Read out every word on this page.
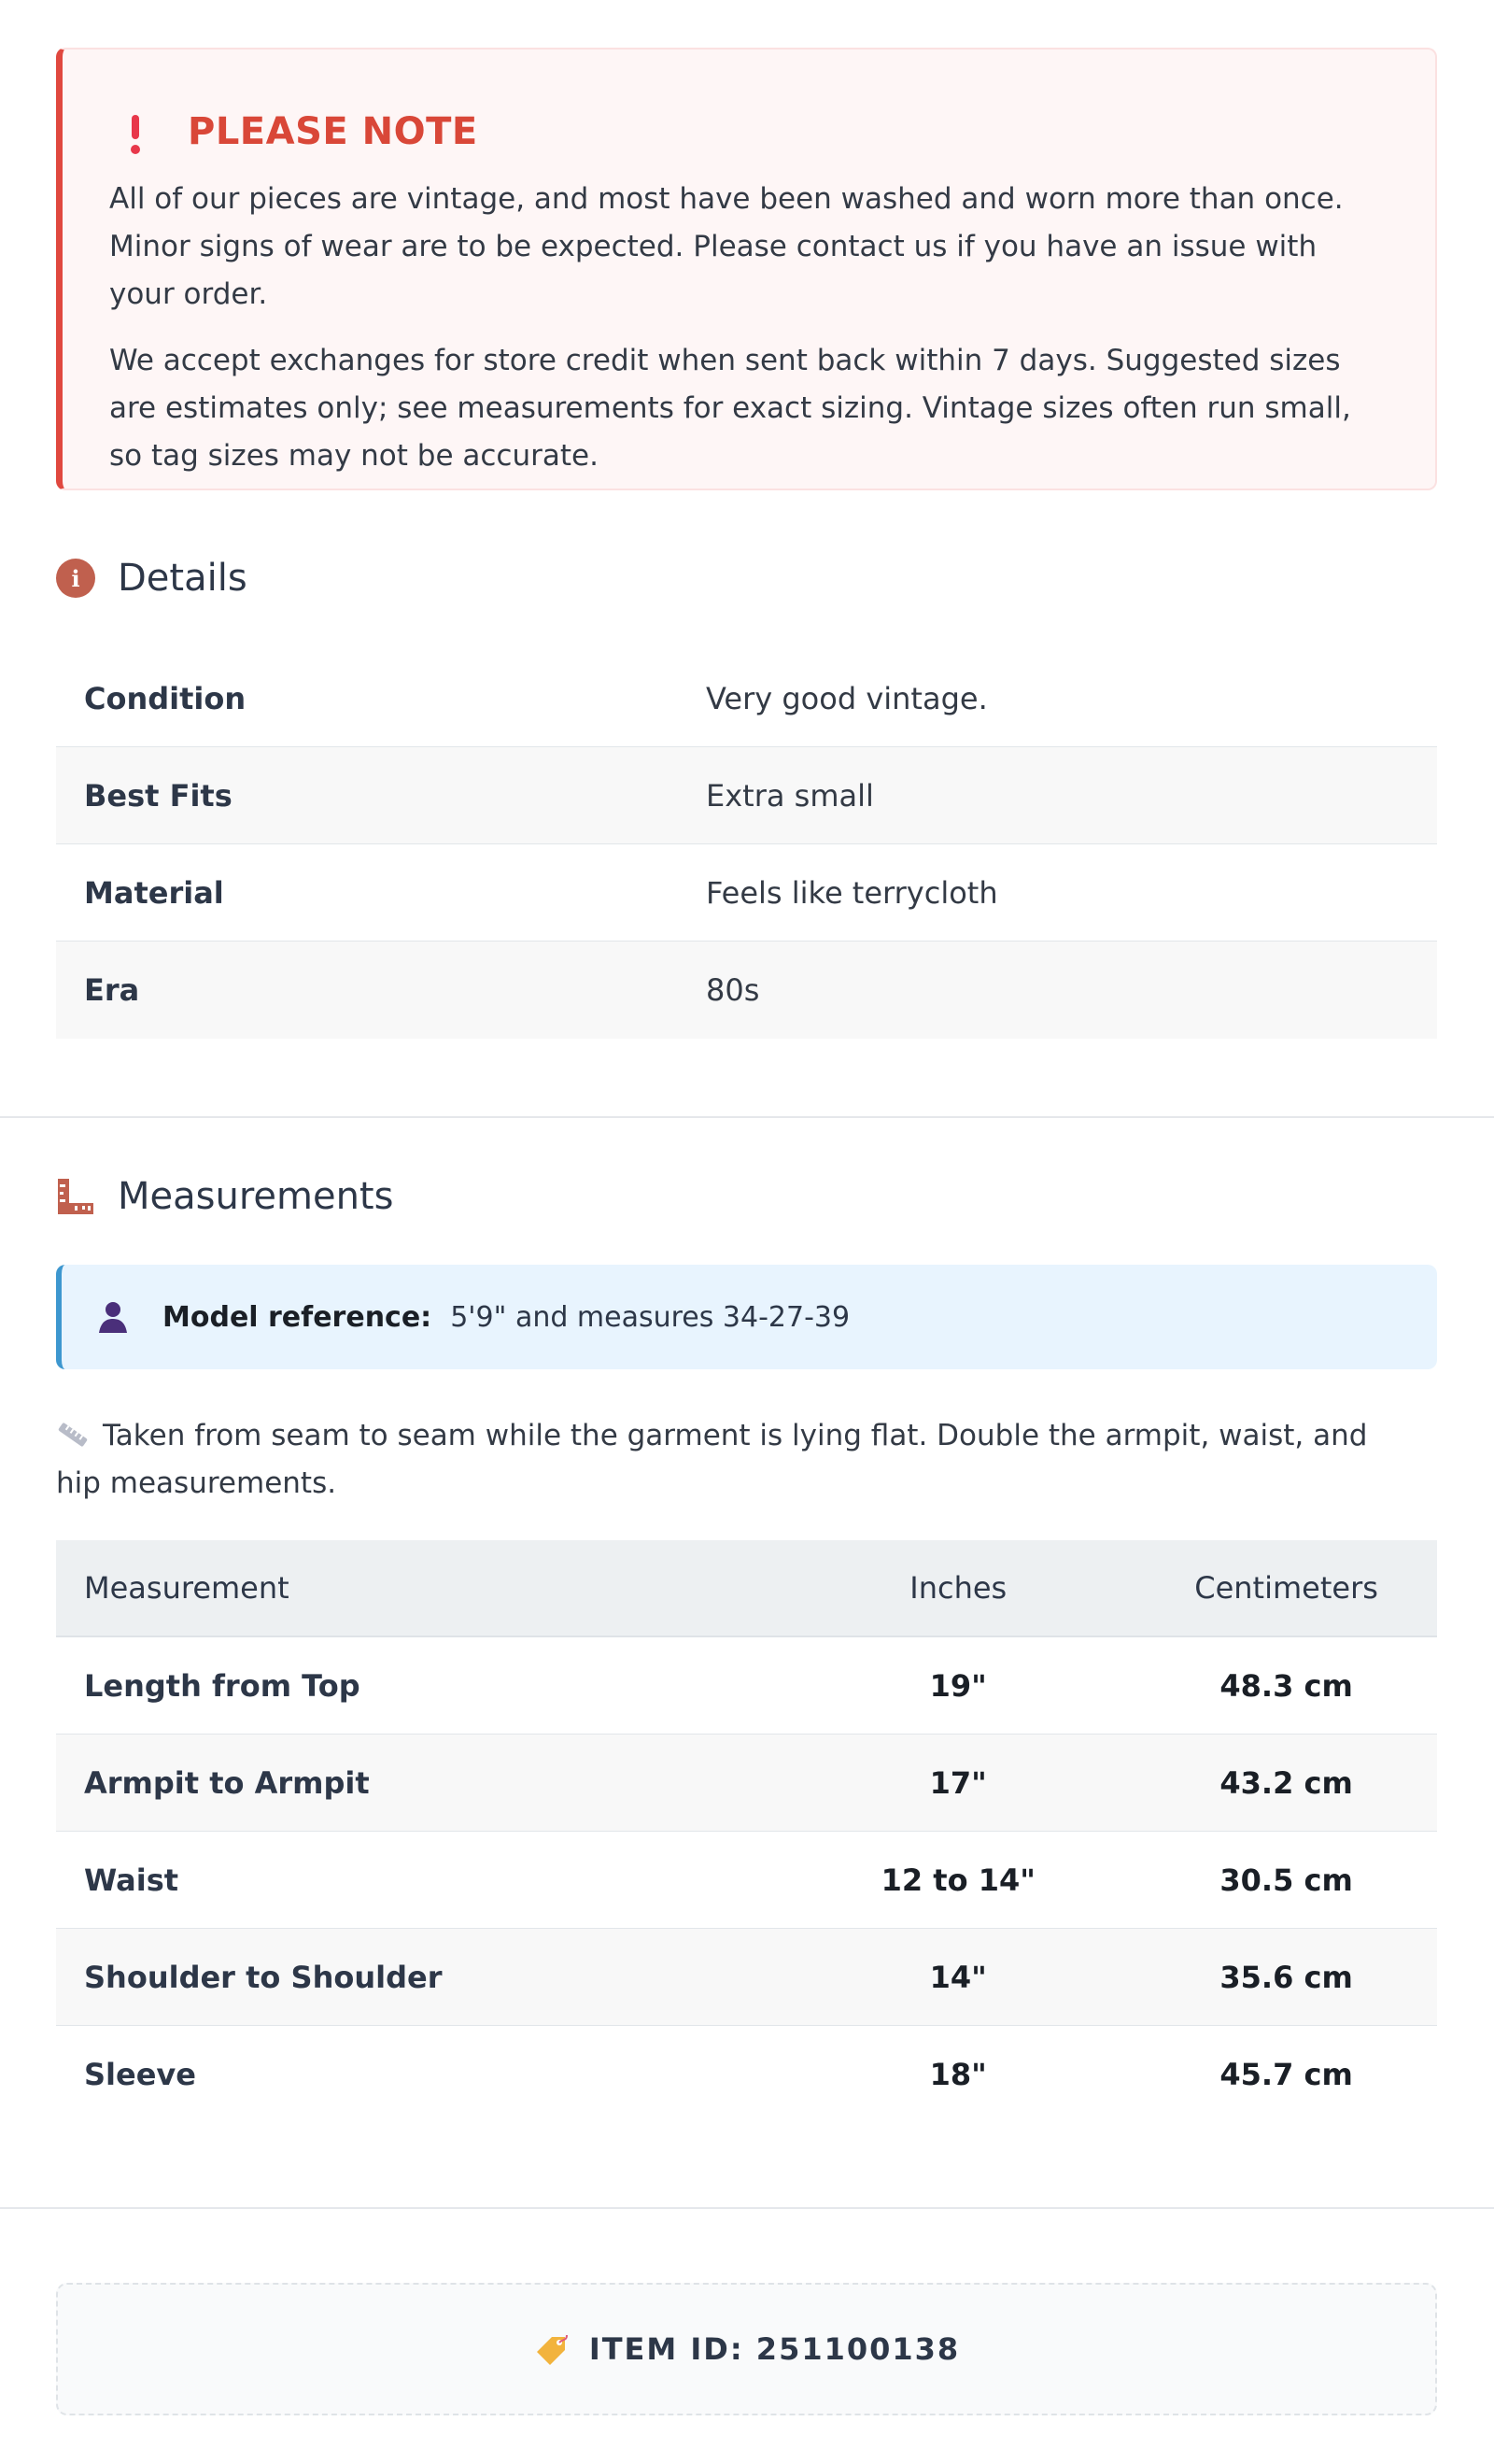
PLEASE NOTE

All of our pieces are vintage, and most have been washed and worn more than once. Minor signs of wear are to be expected. Please contact us if you have an issue with your order.

We accept exchanges for store credit when sent back within 7 days. Suggested sizes are estimates only; see measurements for exact sizing. Vintage sizes often run small, so tag sizes may not be accurate.

i	Details
Condition	Very good vintage.
Best Fits	Extra small
Material	Feels like terrycloth
Era	80s
Measurements
Model reference: 5'9" and measures 34-27-39
Taken from seam to seam while the garment is lying flat. Double the armpit, waist, and hip measurements.
Measurement	Inches	Centimeters
Length from Top	19"	48.3 cm
Armpit to Armpit	17"	43.2 cm
Waist	12 to 14"	30.5 cm
Shoulder to Shoulder	14"	35.6 cm
Sleeve	18"	45.7 cm
ITEM ID: 251100138
